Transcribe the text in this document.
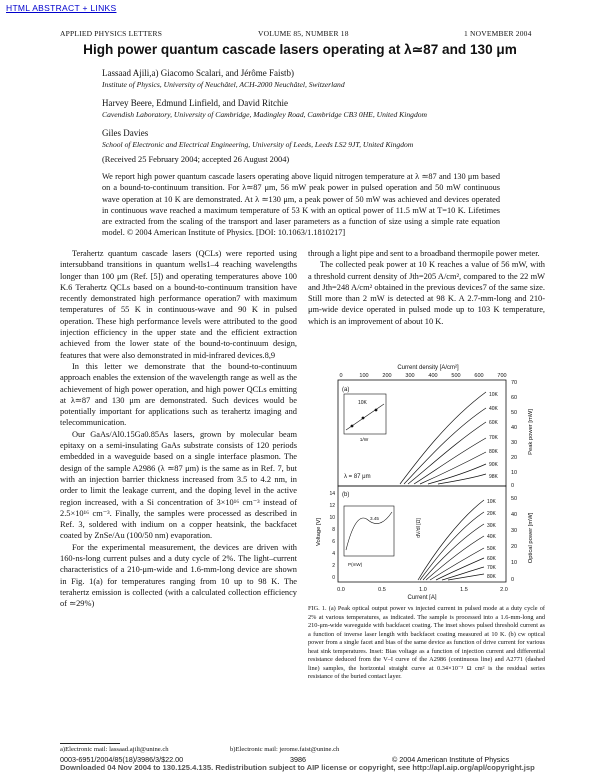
HTML ABSTRACT + LINKS
APPLIED PHYSICS LETTERS	VOLUME 85, NUMBER 18	1 NOVEMBER 2004
High power quantum cascade lasers operating at λ≃87 and 130 μm
Lassaad Ajili,a) Giacomo Scalari, and Jérôme Faistb)
Institute of Physics, University of Neuchâtel, ACH-2000 Neuchâtel, Switzerland
Harvey Beere, Edmund Linfield, and David Ritchie
Cavendish Laboratory, University of Cambridge, Madingley Road, Cambridge CB3 0HE, United Kingdom
Giles Davies
School of Electronic and Electrical Engineering, University of Leeds, Leeds LS2 9JT, United Kingdom
(Received 25 February 2004; accepted 26 August 2004)
We report high power quantum cascade lasers operating above liquid nitrogen temperature at λ ≃87 and 130 μm based on a bound-to-continuum transition. For λ≃87 μm, 56 mW peak power in pulsed operation and 50 mW continuous wave operation at 10 K are demonstrated. At λ ≃130 μm, a peak power of 50 mW was achieved and devices operated in continuous wave reached a maximum temperature of 53 K with an optical power of 11.5 mW at T=10 K. Lifetimes are extracted from the scaling of the transport and laser parameters as a function of size using a simple rate equation model. © 2004 American Institute of Physics. [DOI: 10.1063/1.1810217]

Terahertz quantum cascade lasers (QCLs) were reported using intersubband transitions in quantum wells1–4 reaching wavelengths longer than 100 μm (Ref. [5]) and operating temperatures above 100 K.6 Terahertz QCLs based on a bound-to-continuum transition have recently demonstrated high performance operation7 with maximum temperatures of 55 K in continuous-wave and 90 K in pulsed operation. These high performance levels were attributed to the good injection efficiency in the upper state and the efficient extraction achieved from the lower state of the bound-to-continuum design, features that were also demonstrated in mid-infrared devices.8,9

In this letter we demonstrate that the bound-to-continuum approach enables the extension of the wavelength range as well as the achievement of high power operation, and high power QCLs emitting at λ≃87 and 130 μm are demonstrated. Such devices would be potentially important for applications such as terahertz imaging and telecommunication.

Our GaAs/Al0.15Ga0.85As lasers, grown by molecular beam epitaxy on a semi-insulating GaAs substrate consists of 120 periods embedded in a waveguide based on a single interface plasmon. The design of the sample A2986 (λ ≃87 μm) is the same as in Ref. 7, but with an injection barrier thickness increased from 3.5 to 4.2 nm, in order to limit the leakage current, and the doping level in the active region increased, with a Si concentration of 3×10¹⁶ cm⁻³ instead of 2.5×10¹⁶ cm⁻³. Finally, the samples were processed as described in Ref. 3, soldered with indium on a copper heatsink, the backfacet coated by ZnSe/Au (100/50 nm) evaporation.

For the experimental measurement, the devices are driven with 160-ns-long current pulses and a duty cycle of 2%. The light–current characteristics of a 210-μm-wide and 1.6-mm-long device are shown in Fig. 1(a) for temperatures ranging from 10 up to 98 K. The terahertz emission is collected (with a calculated collection efficiency of ≃29%)

through a light pipe and sent to a broadband thermopile power meter.

The collected peak power at 10 K reaches a value of 56 mW, with a threshold current density of Jth=205 A/cm², compared to the 22 mW and Jth=248 A/cm² obtained in the previous devices7 of the same size. Still more than 2 mW is detected at 98 K. A 2.7-mm-long and 210-μm-wide device operated in pulsed mode up to 103 K temperature, which is an improvement of about 10 K.

Current density [A/cm²]
0	100	200	300	400	500	600	700
70
60
50
40
30
20
10
0
Peak power [mW]
50
40
30
20
10
0
Optical power [mW]
14
12
10
8
6
4
2
0
Voltage [V]	dV/dI [Ω]
0.0	0.5	1.0	1.5	2.0
Current [A]
(a)
(b)
λ = 87 μm
10K
1/W
3.45
P(mW)
10K
40K
60K
70K
80K
90K
98K
10K
20K
30K
40K
50K
60K
70K
80K
FIG. 1. (a) Peak optical output power vs injected current in pulsed mode at a duty cycle of 2% at various temperatures, as indicated. The sample is processed into a 1.6-mm-long and 210-μm-wide waveguide with backfacet coating. The inset shows pulsed threshold current as a function of inverse laser length with backfacet coating measured at 10 K. (b) cw optical power from a single facet and bias of the same device as function of drive current for various heat sink temperatures. Inset: Bias voltage as a function of injection current and differential resistance deduced from the V–I curve of the A2986 (continuous line) and A2771 (dashed line) samples, the horizontal straight curve at 0.34×10⁻³ Ω cm² is the residual series resistance of the buried contact layer.
a)Electronic mail: lassaad.ajili@unine.ch
0003-6951/2004/85(18)/3986/3/$22.00	3986	© 2004 American Institute of Physics
Downloaded 04 Nov 2004 to 130.125.4.135. Redistribution subject to AIP license or copyright, see http://apl.aip.org/apl/copyright.jsp
b)Electronic mail: jerome.faist@unine.ch
